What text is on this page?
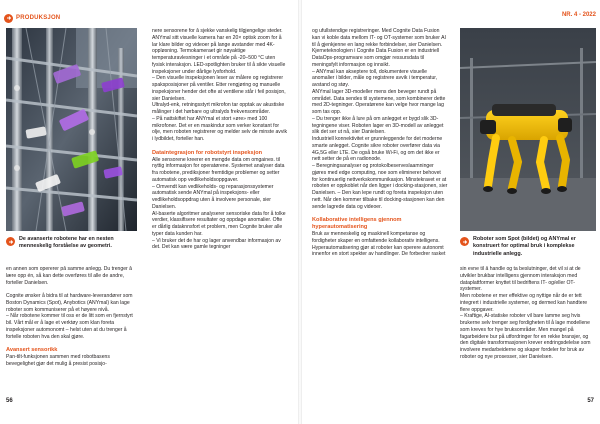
PRODUKSJON	NR. 4 - 2022
De avanserte robotene har en nesten menneskelig forståelse av geometri.
Roboter som Spot (bildet) og ANYmal er konstruert for optimal bruk i komplekse industrielle anlegg.

en annen som opererer på samme anlegg. Du trenger å lære opp én, så kan dette overføres til alle de andre, forteller Danielsen.

Cognite ønsker å bidra til at hardware-leverandører som Boston Dynamics (Spot), Anybotics (ANYmal) kan lage roboter som kommuniserer på et høyere nivå.

– Når robotene kommer til oss er de litt som en fjernstyrt bil. Vårt mål er å lage et verktøy som klan foreta inspeksjoner automonomt – helst uten at du trenger å fortelle roboten hva den skal gjøre.

Avansert sensorikk

Pan-tilt-funksjonen sammen med robotbasens bevegelighet gjør det mulig å presist posisjo-

nere sensorene for å sjekke vanskelig tilgjengelige steder. ANYmal sitt visuelle kamera har en 20× optisk zoom for å lar klare bilder og videoer på lange avstander med 4K-oppløsning. Termokameraet gir nøyaktige temperaturavlesninger i et område på -20–500 °C uten fysisk interaksjon. LED-spotlighten bruker til å sikte visuelle inspeksjoner under dårlige lysforhold.

– Den visuelle inspeksjonen leser av målere og registrerer spaksposisjoner på ventiler. Etter rengjøring og manuelle inspeksjoner hender det ofte at ventilene står i feil posisjon, sier Danielsen.

Ultralyd-enk, retningsstyrt mikrofon tar opptak av akustiske målinger i det hørbare og ultralyds frekvensområder.

– På nattskiftet har ANYmal et stort «øre» med 100 mikrofoner. Det er en maskindur som verker konstant for olje, men roboten registrerer og melder selv de minste avvik i lydbildet, forteller han.

Dataintegrasjon for robotstyrt inspeksjon

Alle sensorene kreerer en mengde data om omgaines. til nyttig informasjon for operatørene. Systemet analyser data fra robotene, prediksjoner fremtidige problemer og setter automatisk opp vedlikeholdsoppgaver.

– Omvendt kan vedlikeholds- og reparasjonssystemer automatisk sende ANYmal på inspeksjons- eller vedlikeholdsoppdrag uten å involvere personale, sier Danielsen.

AI-baserte algoritmer analyserer sensoriske data for å tolke verdier, klassifisere resultater og oppdage anomalier. Ofte er dårlig dataknnsfort et problem, men Cognite bruker alle typer data kunden har.

– Vi bruker det de har og lager anvendbar informasjon av det. Det kan være gamle tegninger

og ufullstendige registreringer. Med Cognite Data Fusion kan vi koble data mellom IT- og OT-systemer som bruker AI til å gjenkjenne en lang rekke forbindelser, sier Danielsen.

Kjerneteknologien i Cognite Data Fusion er en industriell DataOps-programvare som omgjør ressursdata til meningsfylt informasjon og innsikt.

– ANYmal kan akseptere toll, dokumentere visuelle anomalier i bilder, måle og registrere avvik i temperatur, avstand og støy.

ANYmal lager 3D-modeller mens den beveger rundt på området. Data sendes til systemene, som kombinerer dette med 2D-tegninger. Operatørene kan velge hvor mange lag som tas opp.

– Du trenger ikke å lure på om anlegget er bygd slik 3D-tegningene viser. Roboten lager en 3D-modell av anlegget slik det ser ut nå, sier Danielsen.

Industriell konnektivitet er grunnleggende for det moderne smarte anlegget. Cognite sikre roboter overfører data via 4G,5G eller LTE. De også bruke Wi-Fi, og om det ikke er nett setter de på en radionode.

– Beregningsanalyser og protokolbeserveslaamninger gjøres med edge computing, noe som eliminerer behovet for kontinuerlig nettverkskommunikasjon. Minstekravet er at roboten er oppkoblet når den ligger i docking-stasjonen, sier Danielsen. – Den kan lepe rundt og foreta inspeksjon uten nett. Når den kommer tilbake til docking-stasjonen kan den sende lagrede data og videoer.

Kollaborative intelligens gjennom hyperautomatisering

Bruk av menneskelig og maskinell kompetanse og fordigheter skaper en omfattende kollaborativ intelligens. Hyperautomatisering gjør at roboter kan operere autonomt innenfor en stort spekter av handlinger. De forbedrer rasket

sin evne til å handle og ta beslutninger, det vil si at de utvikler brukbar intelligens gjennom interaksjon med dataplattformer knyttet til bedriftens IT- og/eller OT-systemer.

Men robotene er mer effektive og nyttige når de er tett integrert i industrielle systemer, og dermed kan handtere flere oppgaver.

– Kraftige, AI-statiske roboter vil bare lamme seg hvis brukerne selv trenger seg fordigheten til å lage modellene som kreves for hye bruksområder. Men mangel på fagarbeidere bur på utfordringer for en rekke bransjer, og den digitale transformasjonen krever endringsdelelse som involvere medarbeiderne og skaper fordeler for bruk av roboter og nye prosesser, sier Danielsen.

56	57
